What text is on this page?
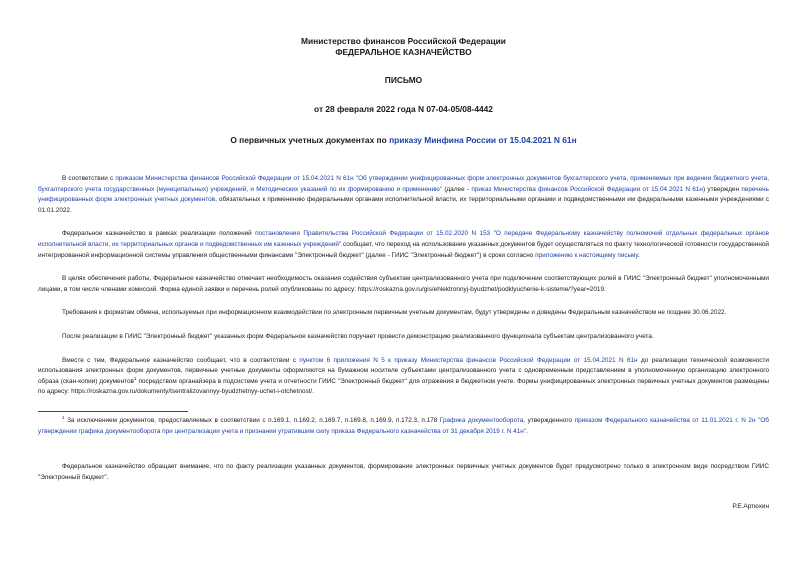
Министерство финансов Российской Федерации
ФЕДЕРАЛЬНОЕ КАЗНАЧЕЙСТВО
ПИСЬМО
от 28 февраля 2022 года N 07-04-05/08-4442
О первичных учетных документах по приказу Минфина России от 15.04.2021 N 61н

В соответствии с приказом Министерства финансов Российской Федерации от 15.04.2021 N 61н "Об утверждении унифицированных форм электронных документов бухгалтерского учета, применяемых при ведении бюджетного учета, бухгалтерского учета государственных (муниципальных) учреждений, и Методических указаний по их формированию и применению" (далее - приказ Министерства финансов Российской Федерации от 15.04.2021 N 61н) утвержден перечень унифицированных форм электронных учетных документов, обязательных к применению федеральными органами исполнительной власти, их территориальными органами и подведомственными им федеральными казенными учреждениями с 01.01.2022.

Федеральное казначейство в рамках реализации положений постановления Правительства Российской Федерации от 15.02.2020 N 153 "О передаче Федеральному казначейству полномочий отдельных федеральных органов исполнительной власти, их территориальных органов и подведомственных им казенных учреждений" сообщает, что переход на использование указанных документов будет осуществляться по факту технологической готовности государственной интегрированной информационной системы управления общественными финансами "Электронный бюджет" (далее - ГИИС "Электронный бюджет") в сроки согласно приложению к настоящему письму.

В целях обеспечения работы, Федеральное казначейство отмечает необходимость оказания содействия субъектам централизованного учета при подключении соответствующих ролей в ГИИС "Электронный бюджет" уполномоченными лицами, в том числе членами комиссий. Форма единой заявки и перечень ролей опубликованы по адресу: https://roskazna.gov.ru/gis/ehlektronnyj-byudzhet/podklyuchenie-k-sisteme/?year=2019.

Требования к форматам обмена, используемых при информационном взаимодействии по электронным первичным учетным документам, будут утверждены и доведены Федеральным казначейством не позднее 30.06.2022.

После реализации в ГИИС "Электронный бюджет" указанных форм Федеральное казначейство поручает провести демонстрацию реализованного функционала субъектам централизованного учета.

Вместе с тем, Федеральное казначейство сообщает, что в соответствии с пунктом 6 приложения N 5 к приказу Министерства финансов Российской Федерации от 15.04.2021 N 61н до реализации технической возможности использования электронных форм документов, первичные учетные документы оформляются на бумажном носителе субъектами централизованного учета с одновременным представлением в уполномоченную организацию электронного образа (скан-копии) документов$^1$ посредством органайзера в подсистеме учета и отчетности ГИИС "Электронный бюджет" для отражения в бюджетном учете. Формы унифицированных электронных первичных учетных документов размещены по адресу: https://roskazna.gov.ru/dokumenty/tsentralizovannyy-byudzhetnyy-uchet-i-otchetnost/.

$^1$ За исключением документов, предоставляемых в соответствии с п.169.1, п.169.2, п.169.7, п.169.8, п.169.9, п.172.3, п.178 Графика документооборота, утвержденного приказом Федерального казначейства от 11.01.2021 г. N 2н "Об утверждении графика документооборота при централизации учета и признании утратившим силу приказа Федерального казначейства от 31 декабря 2019 г. N 41н".

Федеральное казначейство обращает внимание, что по факту реализации указанных документов, формирование электронных первичных учетных документов будет предусмотрено только в электронном виде посредством ГИИС "Электронный бюджет".

Р.Е.Артюхин
